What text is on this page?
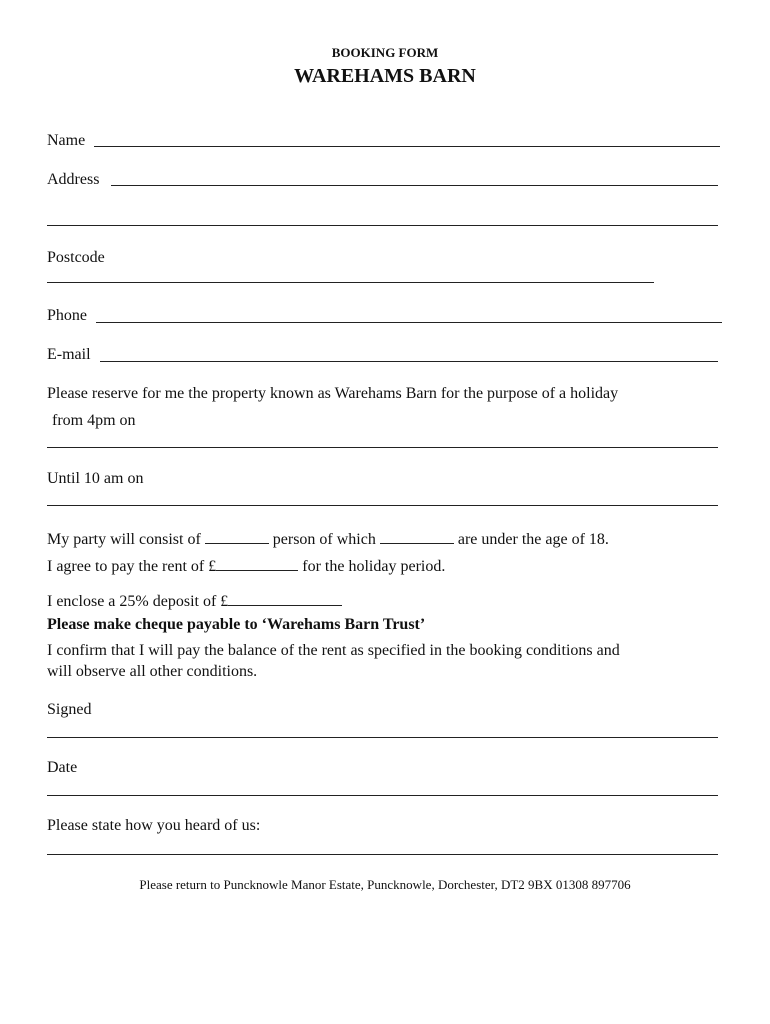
BOOKING FORM
WAREHAMS BARN
Name
Address
Postcode
Phone
E-mail
Please reserve for me the property known as Warehams Barn for the purpose of a holiday
from 4pm on
Until 10 am on
My party will consist of	person of which	are under the age of 18.
I agree to pay the rent of £	for the holiday period.
I enclose a 25% deposit of £
Please make cheque payable to ‘Warehams Barn Trust’
I confirm that I will pay the balance of the rent as specified in the booking conditions and
will observe all other conditions.
Signed
Date
Please state how you heard of us:
Please return to Puncknowle Manor Estate, Puncknowle, Dorchester, DT2 9BX 01308 897706
